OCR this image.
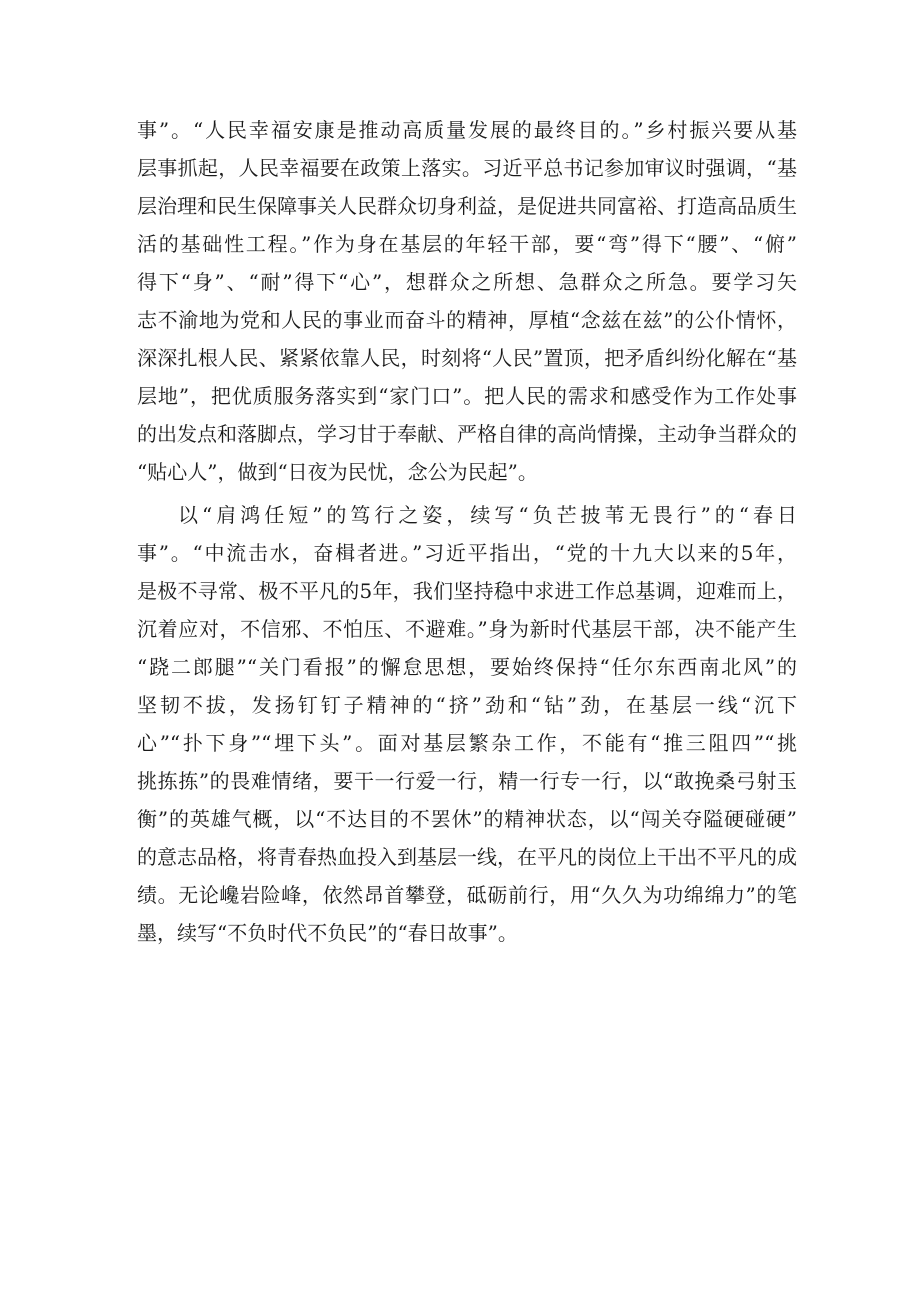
事”。“人民幸福安康是推动高质量发展的最终目的。”乡村振兴要从基
层事抓起，人民幸福要在政策上落实。习近平总书记参加审议时强调，“基
层治理和民生保障事关人民群众切身利益，是促进共同富裕、打造高品质生
活的基础性工程。”作为身在基层的年轻干部，要“弯”得下“腰”、“俯”
得下“身”、“耐”得下“心”，想群众之所想、急群众之所急。要学习矢
志不渝地为党和人民的事业而奋斗的精神，厚植“念兹在兹”的公仆情怀，
深深扎根人民、紧紧依靠人民，时刻将“人民”置顶，把矛盾纠纷化解在“基
层地”，把优质服务落实到“家门口”。把人民的需求和感受作为工作处事
的出发点和落脚点，学习甘于奉献、严格自律的高尚情操，主动争当群众的
“贴心人”，做到“日夜为民忧，念公为民起”。
以“肩鸿任短”的笃行之姿，续写“负芒披苇无畏行”的“春日
事”。“中流击水，奋楫者进。”习近平指出，“党的十九大以来的5年，
是极不寻常、极不平凡的5年，我们坚持稳中求进工作总基调，迎难而上，
沉着应对，不信邪、不怕压、不避难。”身为新时代基层干部，决不能产生
“跷二郎腿”“关门看报”的懈怠思想，要始终保持“任尔东西南北风”的
坚韧不拔，发扬钉钉子精神的“挤”劲和“钻”劲，在基层一线“沉下
心”“扑下身”“埋下头”。面对基层繁杂工作，不能有“推三阻四”“挑
挑拣拣”的畏难情绪，要干一行爱一行，精一行专一行，以“敢挽桑弓射玉
衡”的英雄气概，以“不达目的不罢休”的精神状态，以“闯关夺隘硬碰硬”
的意志品格，将青春热血投入到基层一线，在平凡的岗位上干出不平凡的成
绩。无论巉岩险峰，依然昂首攀登，砥砺前行，用“久久为功绵绵力”的笔
墨，续写“不负时代不负民”的“春日故事”。
